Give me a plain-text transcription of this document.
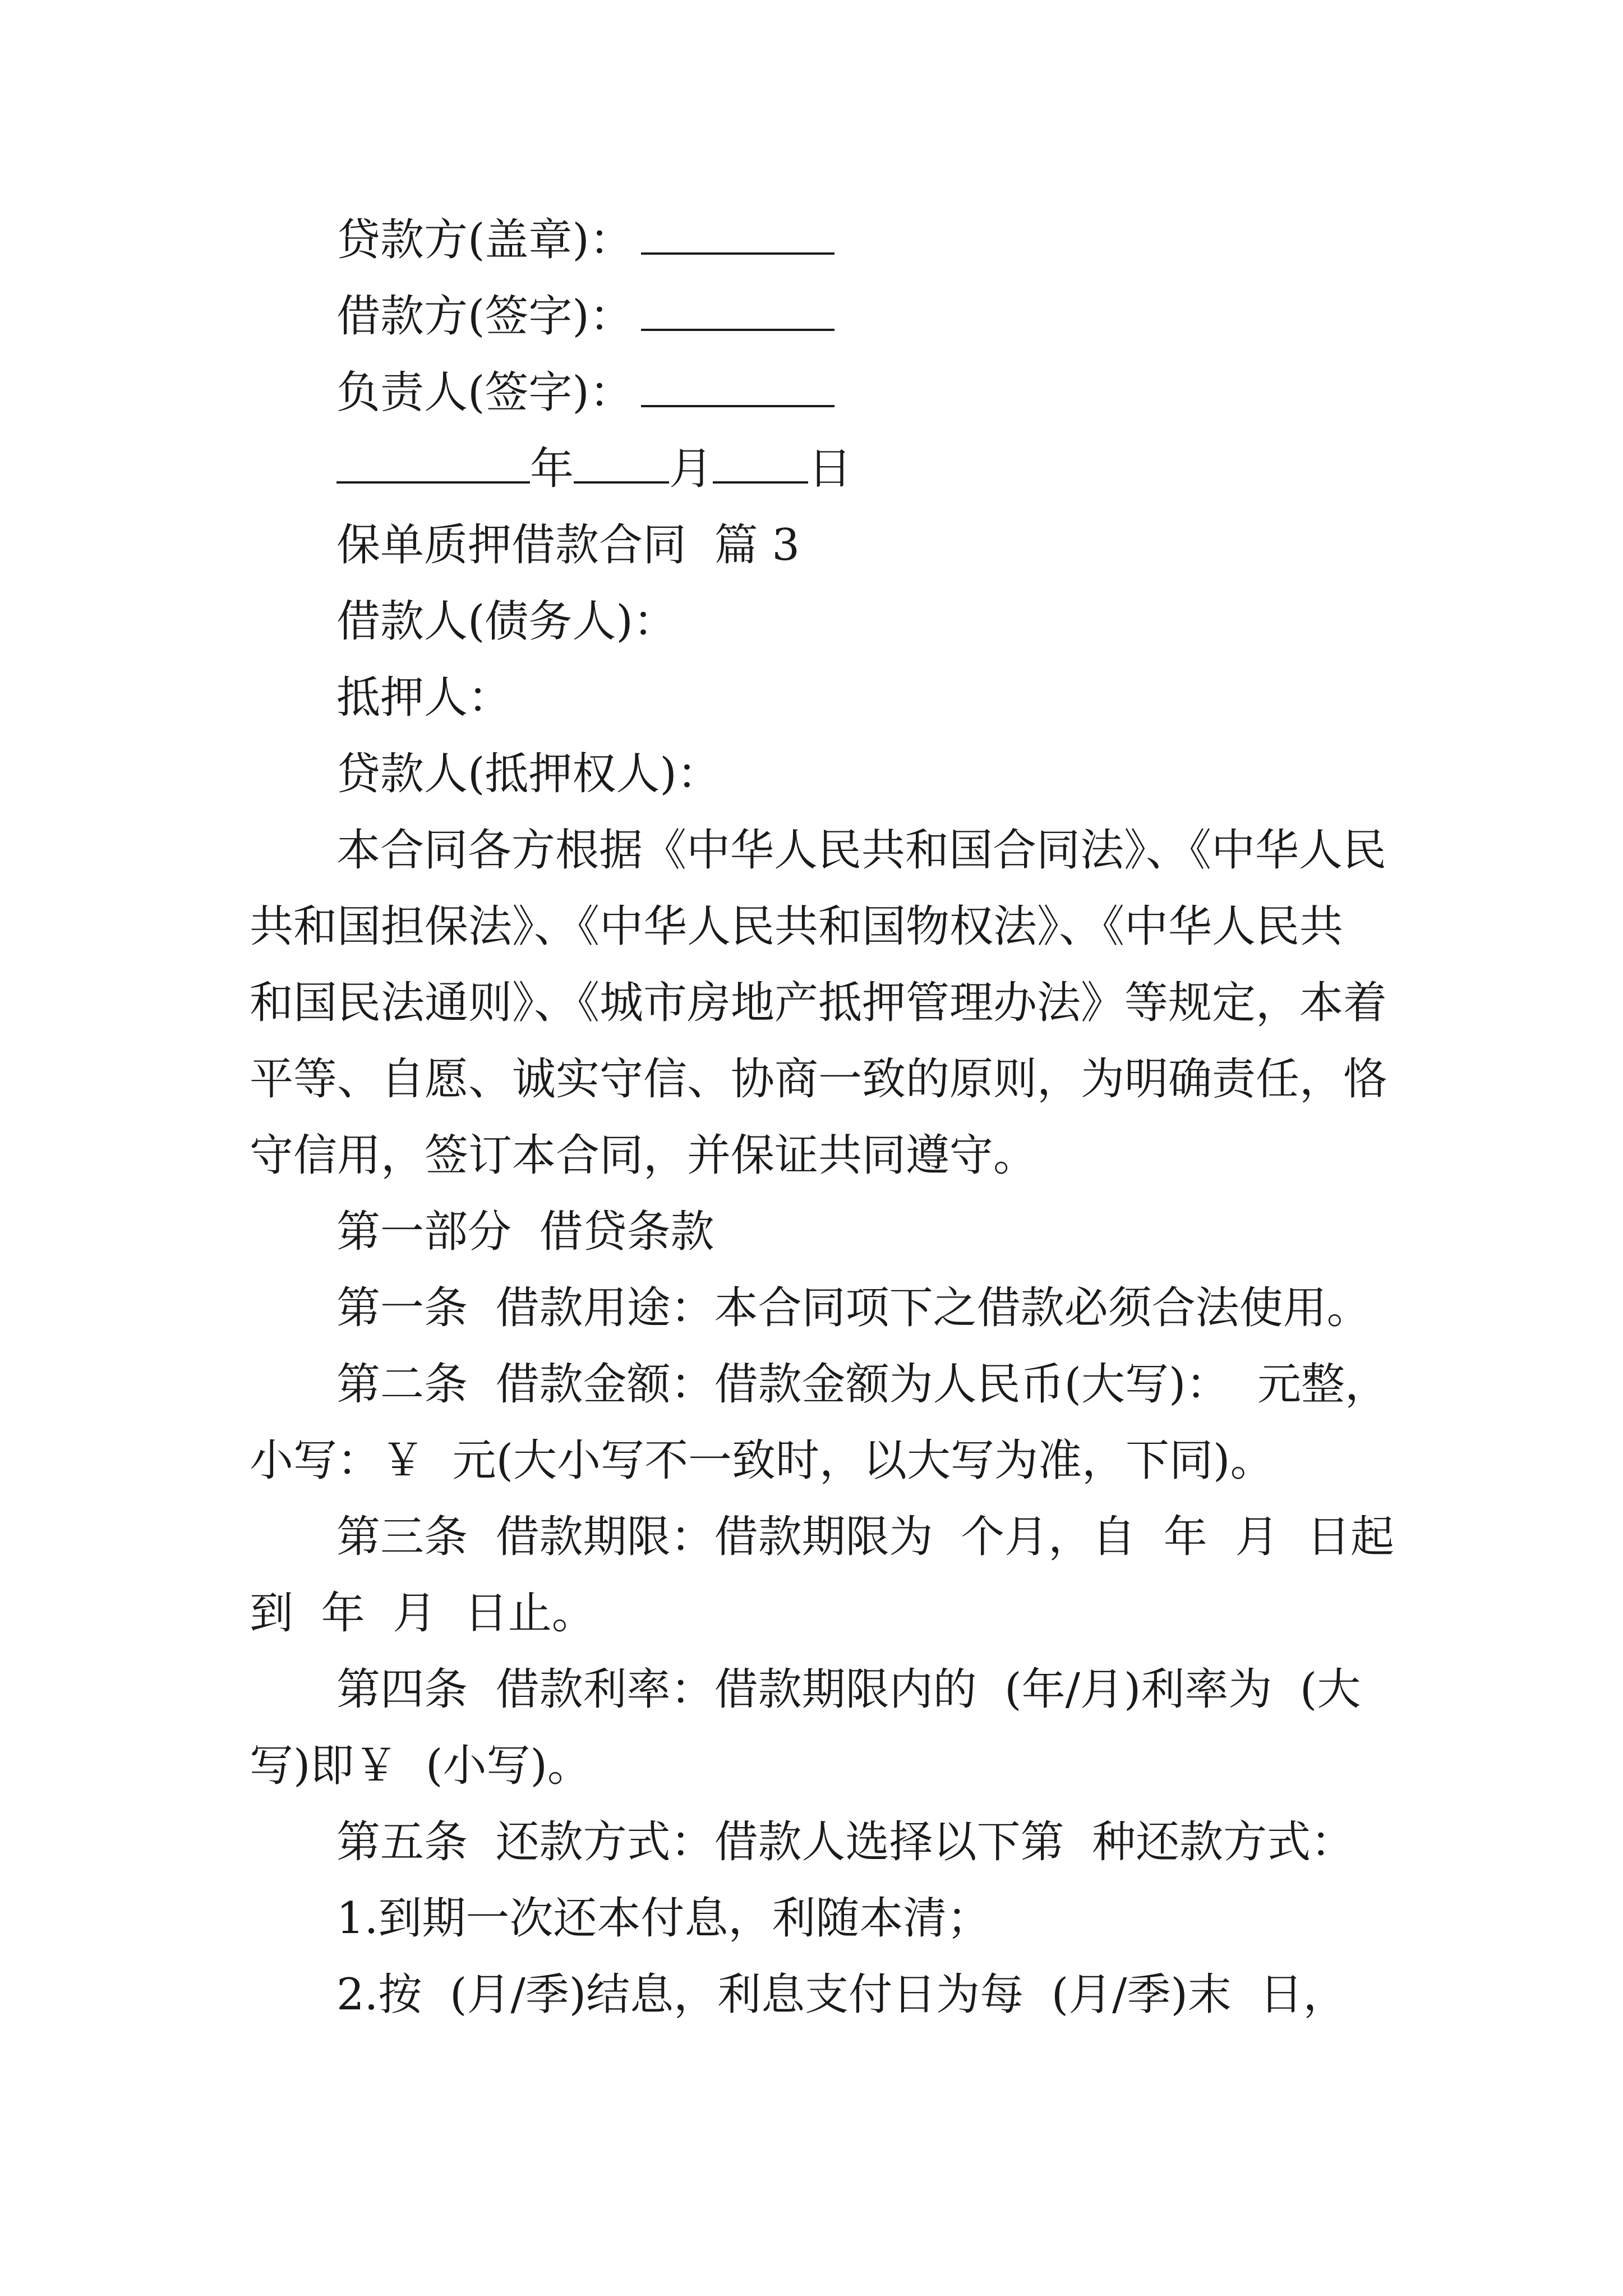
贷款方(盖章)：
借款方(签字)：
负责人(签字)：
年 月 日
保单质押借款合同  篇 3
借款人(债务人)：
抵押人：
贷款人(抵押权人)：
本合同各方根据《中华人民共和国合同法》、《中华人民
共和国担保法》、《中华人民共和国物权法》、《中华人民共
和国民法通则》、《城市房地产抵押管理办法》等规定，本着
平等、自愿、诚实守信、协商一致的原则，为明确责任，恪
守信用，签订本合同，并保证共同遵守。
第一部分  借贷条款
第一条  借款用途：本合同项下之借款必须合法使用。
第二条  借款金额：借款金额为人民币(大写)：  元整，
小写：￥  元(大小写不一致时，以大写为准，下同)。
第三条  借款期限：借款期限为  个月，自  年  月  日起
到  年  月  日止。
第四条  借款利率：借款期限内的  (年/月)利率为  (大
写)即￥  (小写)。
第五条  还款方式：借款人选择以下第  种还款方式：
1.到期一次还本付息，利随本清；
2.按  (月/季)结息，利息支付日为每  (月/季)末  日，
